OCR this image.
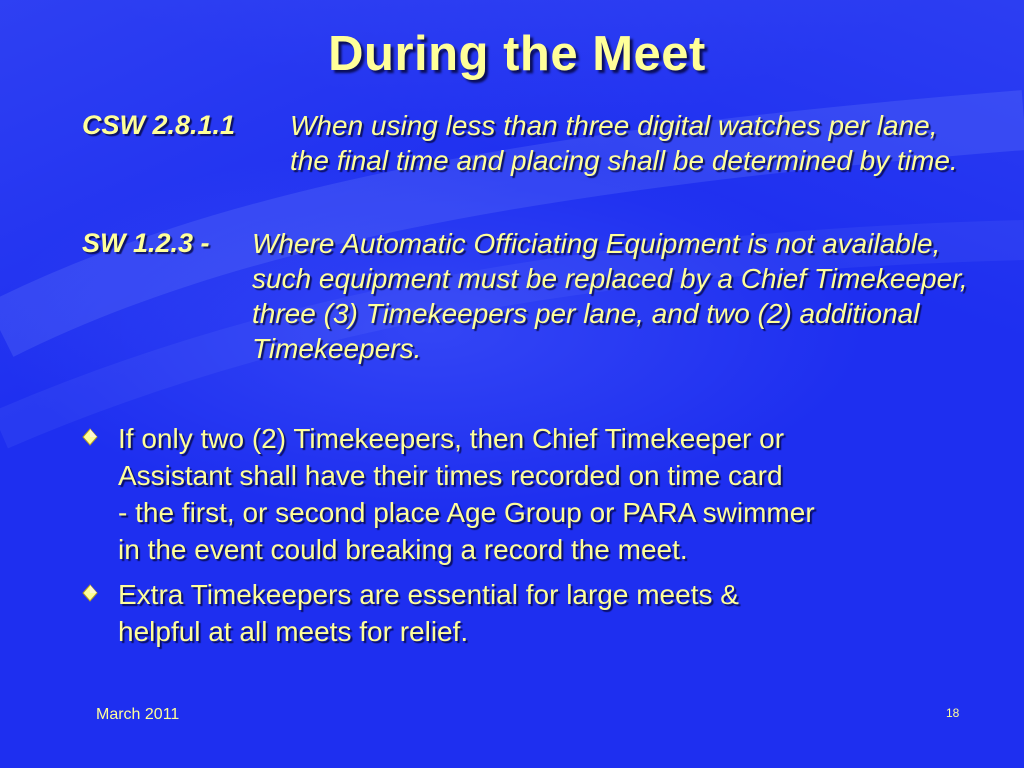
During the Meet
CSW 2.8.1.1 When using less than three digital watches per lane, the final time and placing shall be determined by time.
SW 1.2.3 - Where Automatic Officiating Equipment is not available, such equipment must be replaced by a Chief Timekeeper, three (3) Timekeepers per lane, and two (2) additional Timekeepers.
If only two (2) Timekeepers, then Chief Timekeeper or
Assistant shall have their times recorded on time card
- the first, or second place Age Group or PARA swimmer
in the event could breaking a record the meet.
Extra Timekeepers are essential for large meets &
helpful at all meets for relief.
March 2011	18
